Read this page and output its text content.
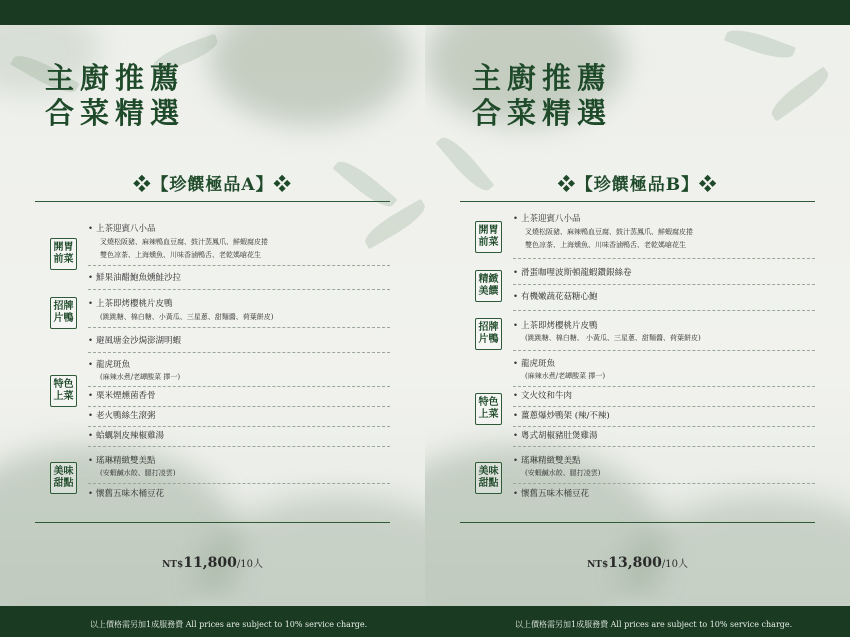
主廚推薦
合菜精選
❖【珍饌極品A】❖
開胃前菜
• 上茶迎賓八小品
叉燒松阪豬、麻辣鴨血豆腐、鼓汁蒸鳳爪、鮮蝦腐皮捲
雙色凉茶、上海燻魚、川味香滷鴨舌、老乾媽嗆花生
• 鮮果油醋鮑魚燻鮭沙拉
招牌片鴨
• 上茶即烤櫻桃片皮鴨
(跳跳糖、棉白糖、小黃瓜、三星蔥、甜麵醬、荷葉餅皮)
特色上菜
• 避風塘金沙焗澎湖明蝦
• 龍虎斑魚
(麻辣水煮/老罈酸菜 擇一)
• 栗米煙燻菌香骨
• 老火鴨絲生滾粥
• 蛤蠣剝皮辣椒雞湯
美味甜點
• 瑤琳精緻雙美點
(安蝦鹹水餃、腿打凌雲)
• 懷舊五味木桶豆花
NT$11,800/10人
主廚推薦
合菜精選
❖【珍饌極品B】❖
開胃前菜
• 上茶迎賓八小品
叉燒松阪豬、麻辣鴨血豆腐、鼓汁蒸鳳爪、鮮蝦腐皮捲
雙色凉茶、上海燻魚、川味香滷鴨舌、老乾媽嗆花生
精緻美饌
• 滑蛋咖哩波斯頓龍蝦鑽銀絲卷
• 有機嫩蔬花菇糖心鮑
招牌片鴨
• 上茶即烤櫻桃片皮鴨
(跳跳糖、棉白糖、 小黃瓜、三星蔥、甜麵醬、荷葉餅皮)
特色上菜
• 龍虎斑魚
(麻辣水煮/老罈酸菜 擇一)
• 文火炆和牛肉
• 薑蔥爆炒鴨架 (辣/不辣)
• 粵式胡椒豬肚煲雞湯
美味甜點
• 瑤琳精緻雙美點
(安蝦鹹水餃、腿打凌雲)
• 懷舊五味木桶豆花
NT$13,800/10人
以上價格需另加1成服務費 All prices are subject to 10% service charge.	以上價格需另加1成服務費 All prices are subject to 10% service charge.
